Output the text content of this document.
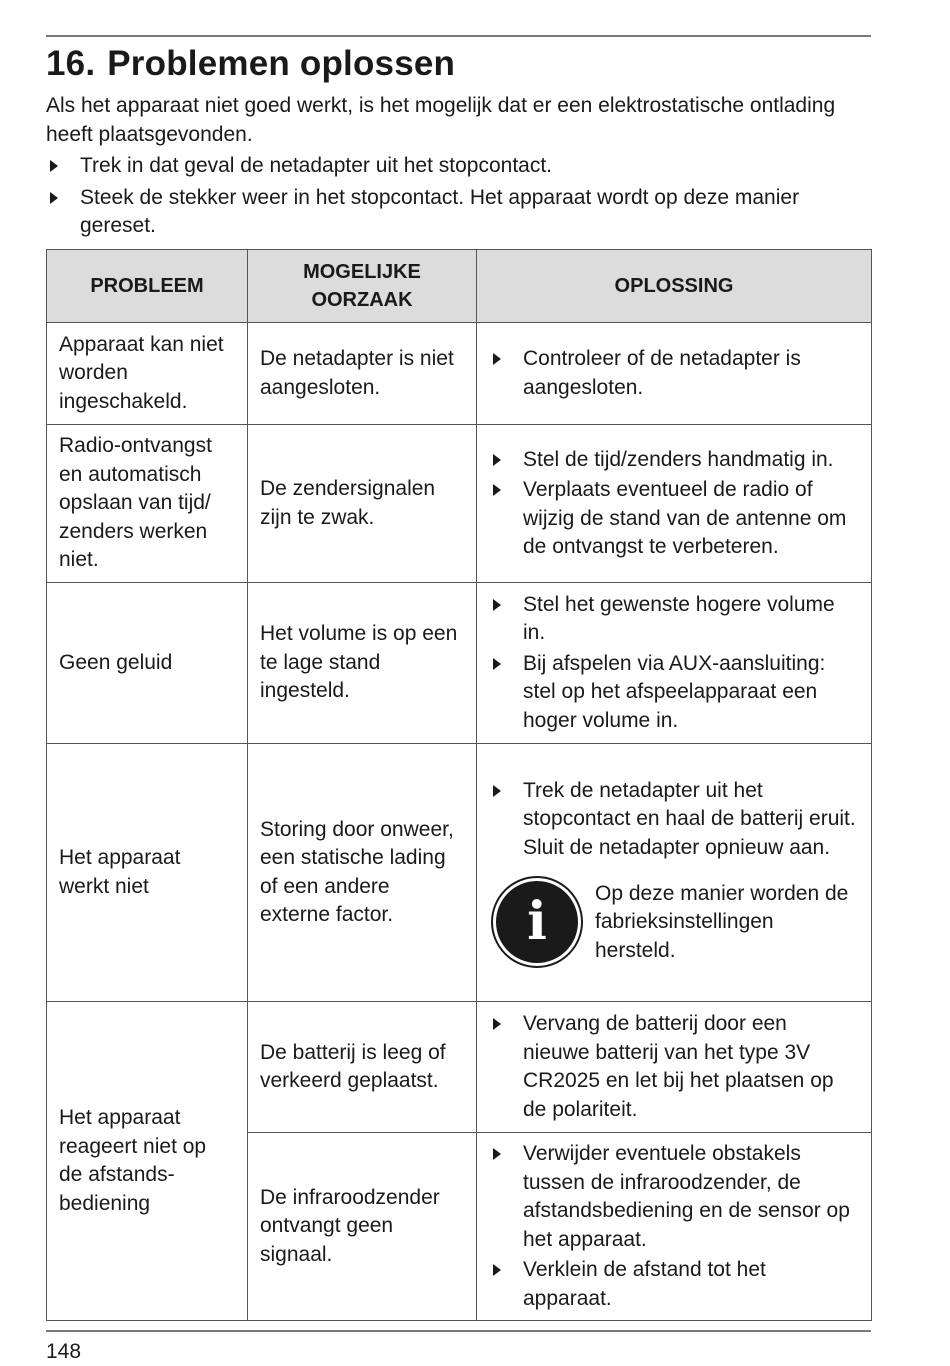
16. Problemen oplossen

Als het apparaat niet goed werkt, is het mogelijk dat er een elektrostatische ontlading heeft plaatsgevonden.

Trek in dat geval de netadapter uit het stopcontact.
Steek de stekker weer in het stopcontact. Het apparaat wordt op deze manier gereset.
PROBLEEM	MOGELIJKE OORZAAK	OPLOSSING
Apparaat kan niet worden ingeschakeld.	De netadapter is niet aangesloten.	Controleer of de netadapter is aangesloten.

Radio-ontvangst en automatisch opslaan van tijd/ zenders werken niet.	De zendersignalen zijn te zwak.	Stel de tijd/zenders handmatig in.
Verplaats eventueel de radio of wijzig de stand van de antenne om de ontvangst te verbeteren.

Geen geluid	Het volume is op een te lage stand ingesteld.	Stel het gewenste hogere volume in.
Bij afspelen via AUX-aansluiting: stel op het afspeelapparaat een hoger volume in.

Het apparaat werkt niet	Storing door onweer, een statische lading of een andere externe factor.	Trek de netadapter uit het stopcontact en haal de batterij eruit. Sluit de netadapter opnieuw aan.
i Op deze manier worden de fabrieksinstellingen hersteld.

Het apparaat reageert niet op de afstands- bediening	De batterij is leeg of verkeerd geplaatst.	Vervang de batterij door een nieuwe batterij van het type 3V CR2025 en let bij het plaatsen op de polariteit.

	De infraroodzender ontvangt geen signaal.	Verwijder eventuele obstakels tussen de infraroodzender, de afstandsbediening en de sensor op het apparaat.
Verklein de afstand tot het apparaat.
148
